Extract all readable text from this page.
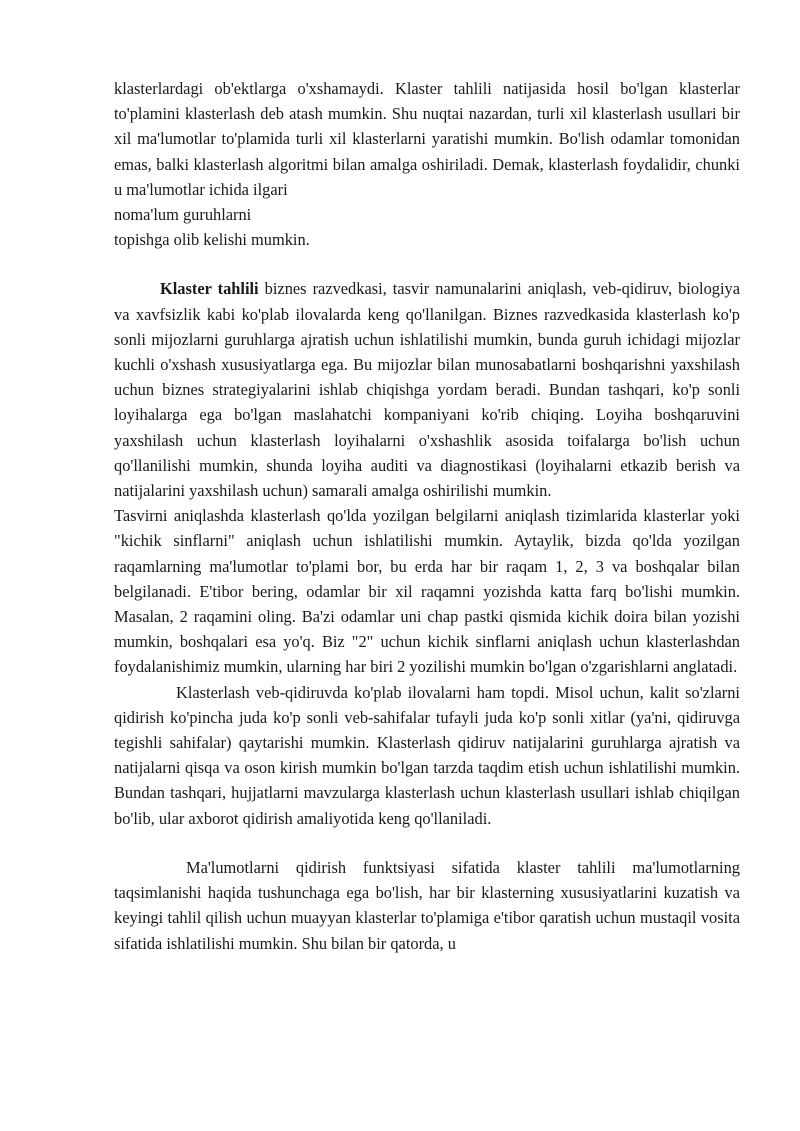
klasterlardagi ob'ektlarga o'xshamaydi. Klaster tahlili natijasida hosil bo'lgan klasterlar to'plamini klasterlash deb atash mumkin. Shu nuqtai nazardan, turli xil klasterlash usullari bir xil ma'lumotlar to'plamida turli xil klasterlarni yaratishi mumkin. Bo'lish odamlar tomonidan emas, balki klasterlash algoritmi bilan amalga oshiriladi. Demak, klasterlash foydalidir, chunki u ma'lumotlar ichida ilgari
noma'lum guruhlarni
topishga olib kelishi mumkin.

Klaster tahlili biznes razvedkasi, tasvir namunalarini aniqlash, veb-qidiruv, biologiya va xavfsizlik kabi ko'plab ilovalarda keng qo'llanilgan. Biznes razvedkasida klasterlash ko'p sonli mijozlarni guruhlarga ajratish uchun ishlatilishi mumkin, bunda guruh ichidagi mijozlar kuchli o'xshash xususiyatlarga ega. Bu mijozlar bilan munosabatlarni boshqarishni yaxshilash uchun biznes strategiyalarini ishlab chiqishga yordam beradi. Bundan tashqari, ko'p sonli loyihalarga ega bo'lgan maslahatchi kompaniyani ko'rib chiqing. Loyiha boshqaruvini yaxshilash uchun klasterlash loyihalarni o'xshashlik asosida toifalarga bo'lish uchun qo'llanilishi mumkin, shunda loyiha auditi va diagnostikasi (loyihalarni etkazib berish va natijalarini yaxshilash uchun) samarali amalga oshirilishi mumkin.

Tasvirni aniqlashda klasterlash qo'lda yozilgan belgilarni aniqlash tizimlarida klasterlar yoki "kichik sinflarni" aniqlash uchun ishlatilishi mumkin. Aytaylik, bizda qo'lda yozilgan raqamlarning ma'lumotlar to'plami bor, bu erda har bir raqam 1, 2, 3 va boshqalar bilan belgilanadi. E'tibor bering, odamlar bir xil raqamni yozishda katta farq bo'lishi mumkin. Masalan, 2 raqamini oling. Ba'zi odamlar uni chap pastki qismida kichik doira bilan yozishi mumkin, boshqalari esa yo'q. Biz "2" uchun kichik sinflarni aniqlash uchun klasterlashdan foydalanishimiz mumkin, ularning har biri 2 yozilishi mumkin bo'lgan o'zgarishlarni anglatadi.

Klasterlash veb-qidiruvda ko'plab ilovalarni ham topdi. Misol uchun, kalit so'zlarni qidirish ko'pincha juda ko'p sonli veb-sahifalar tufayli juda ko'p sonli xitlar (ya'ni, qidiruvga tegishli sahifalar) qaytarishi mumkin. Klasterlash qidiruv natijalarini guruhlarga ajratish va natijalarni qisqa va oson kirish mumkin bo'lgan tarzda taqdim etish uchun ishlatilishi mumkin. Bundan tashqari, hujjatlarni mavzularga klasterlash uchun klasterlash usullari ishlab chiqilgan bo'lib, ular axborot qidirish amaliyotida keng qo'llaniladi.

Ma'lumotlarni qidirish funktsiyasi sifatida klaster tahlili ma'lumotlarning taqsimlanishi haqida tushunchaga ega bo'lish, har bir klasterning xususiyatlarini kuzatish va keyingi tahlil qilish uchun muayyan klasterlar to'plamiga e'tibor qaratish uchun mustaqil vosita sifatida ishlatilishi mumkin. Shu bilan bir qatorda, u
